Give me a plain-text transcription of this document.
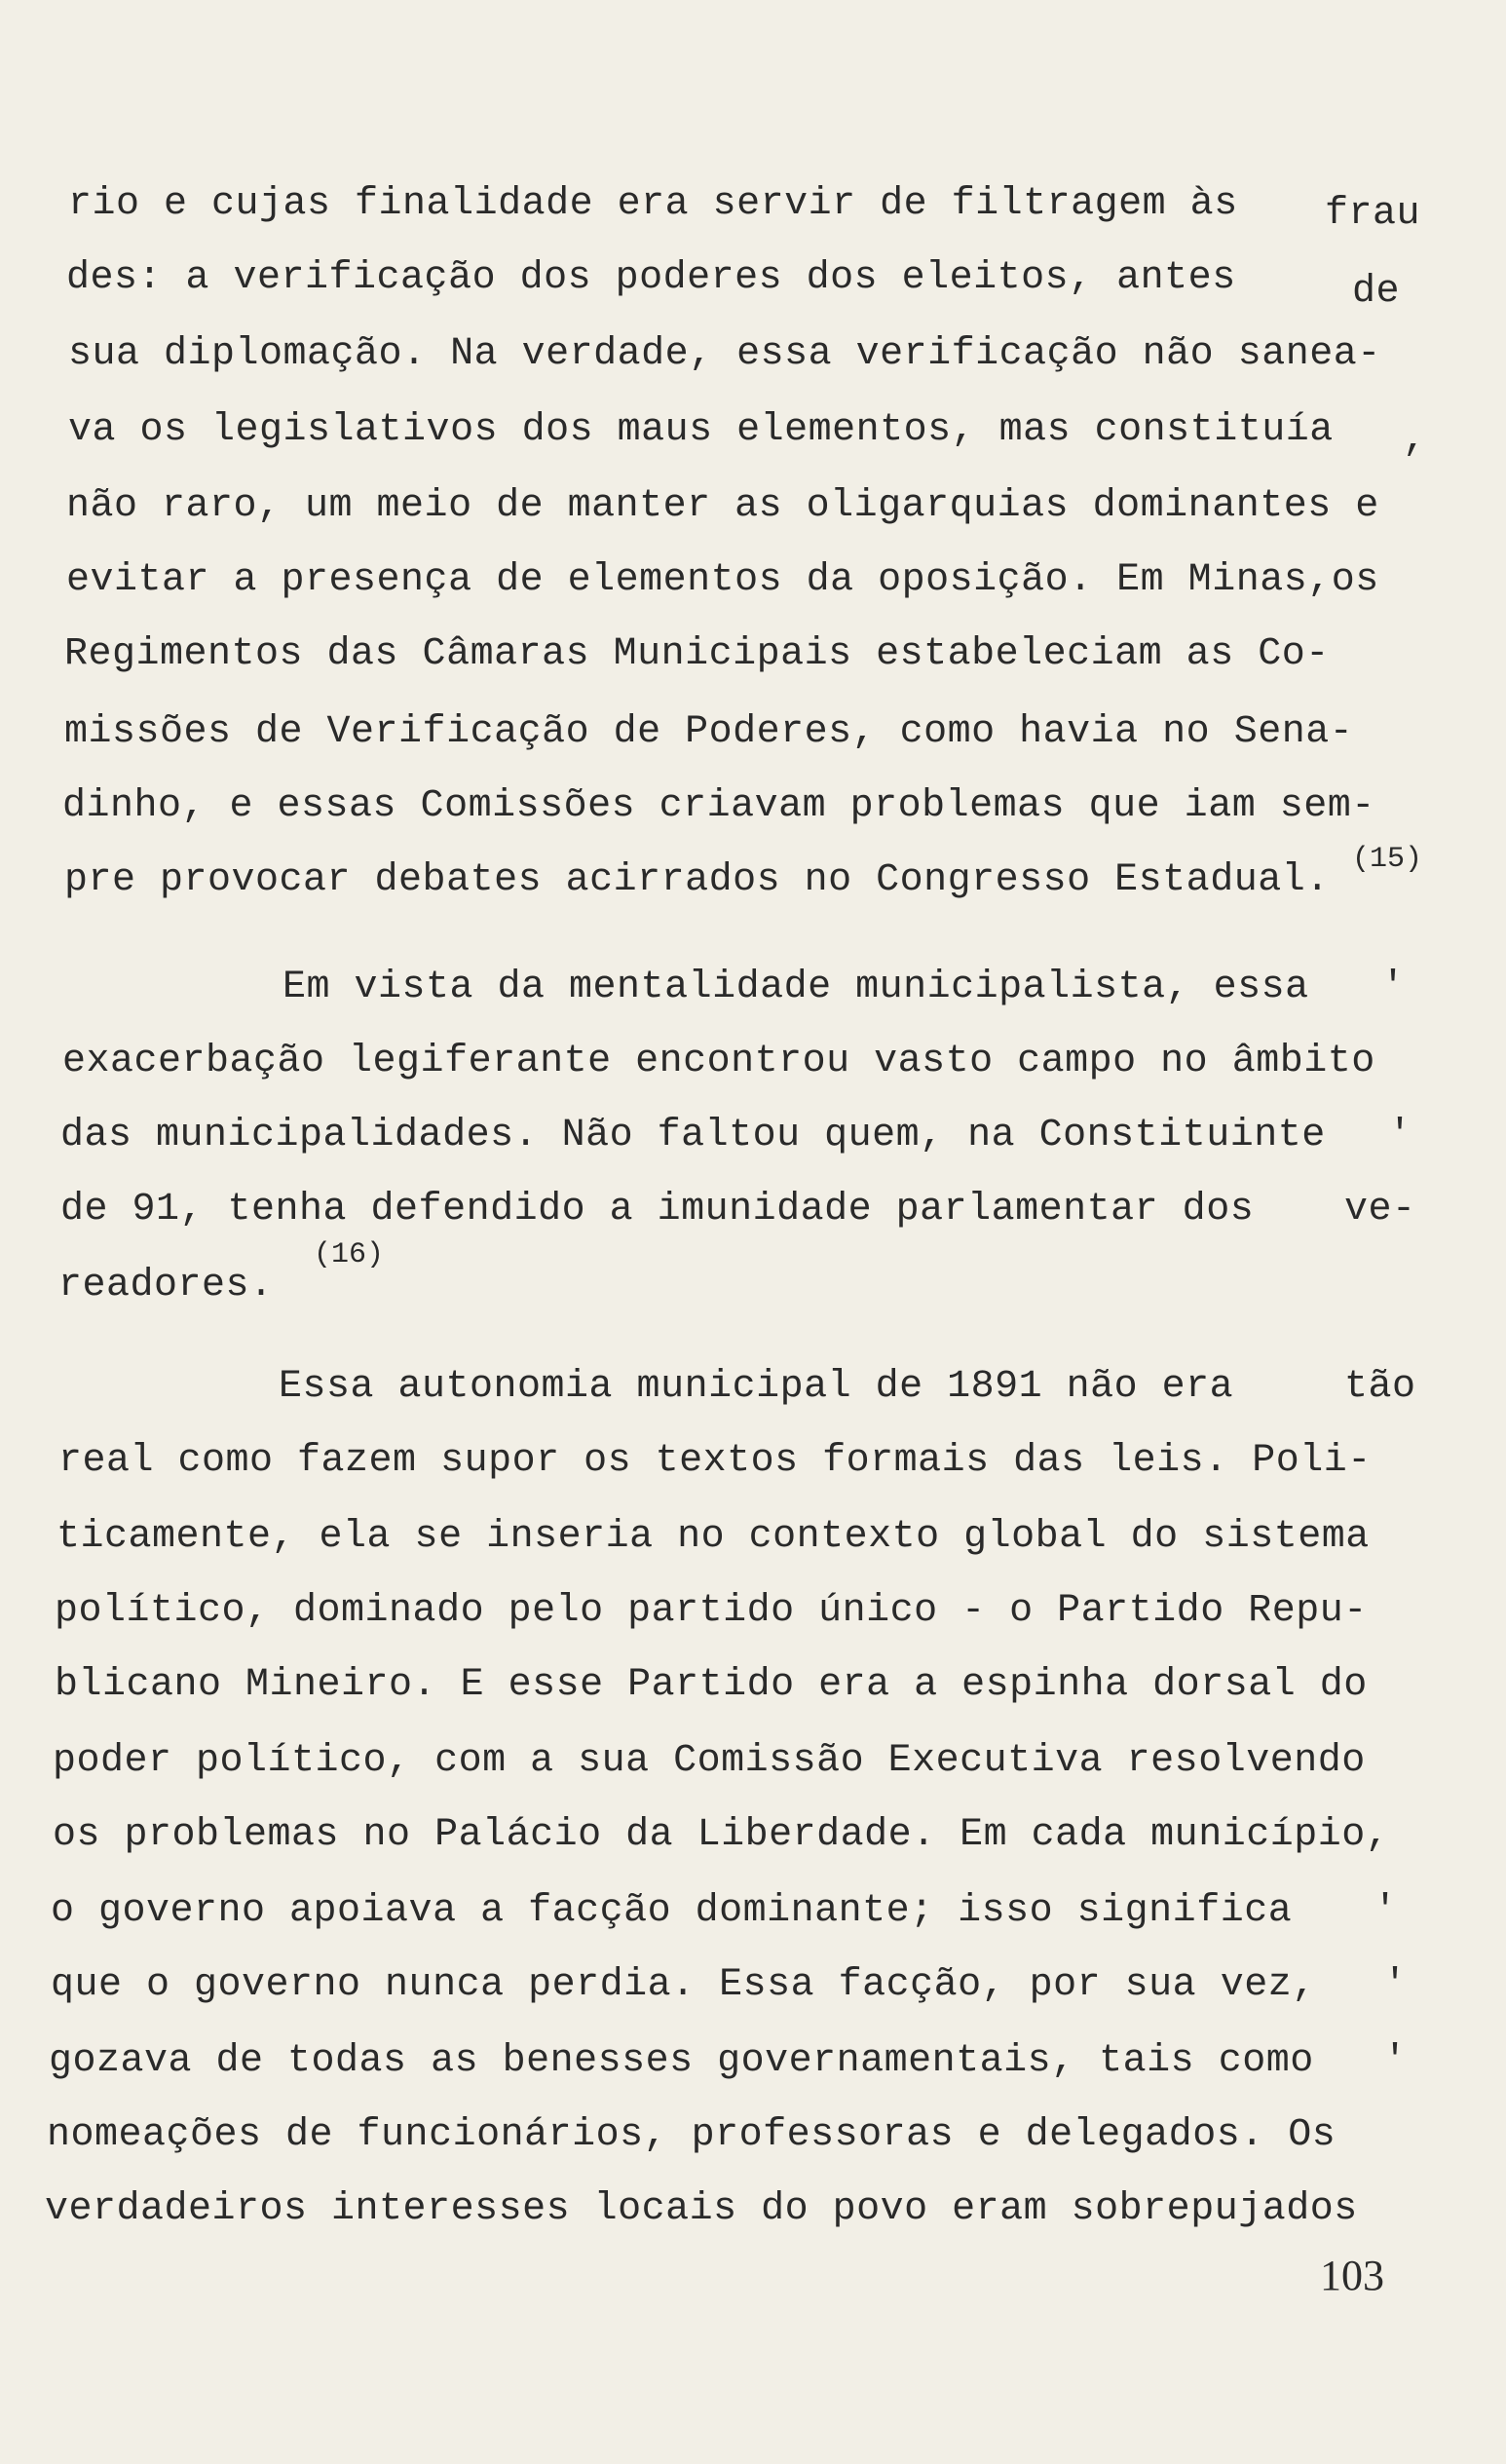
rio e cujas finalidade era servir de filtragem às frau
des: a verificação dos poderes dos eleitos, antes	de
sua diplomação. Na verdade, essa verificação não sanea-
va os legislativos dos maus elementos, mas constituía ,
não raro, um meio de manter as oligarquias dominantes e
evitar a presença de elementos da oposição. Em Minas,os
Regimentos das Câmaras Municipais estabeleciam as Co-
missões de Verificação de Poderes, como havia no Sena-
dinho, e essas Comissões criavam problemas que iam sem-
pre provocar debates acirrados no Congresso Estadual. (15)
Em vista da mentalidade municipalista, essa '
exacerbação legiferante encontrou vasto campo no âmbito
das municipalidades. Não faltou quem, na Constituinte '
de 91, tenha defendido a imunidade parlamentar dos ve-
readores.
(16)
Essa autonomia municipal de 1891 não era	tão
real como fazem supor os textos formais das leis. Poli-
ticamente, ela se inseria no contexto global do sistema
político, dominado pelo partido único - o Partido Repu-
blicano Mineiro. E esse Partido era a espinha dorsal do
poder político, com a sua Comissão Executiva resolvendo
os problemas no Palácio da Liberdade. Em cada município,
o governo apoiava a facção dominante; isso significa '
que o governo nunca perdia. Essa facção, por sua vez, '
gozava de todas as benesses governamentais, tais como '
nomeações de funcionários, professoras e delegados. Os
verdadeiros interesses locais do povo eram sobrepujados
103
